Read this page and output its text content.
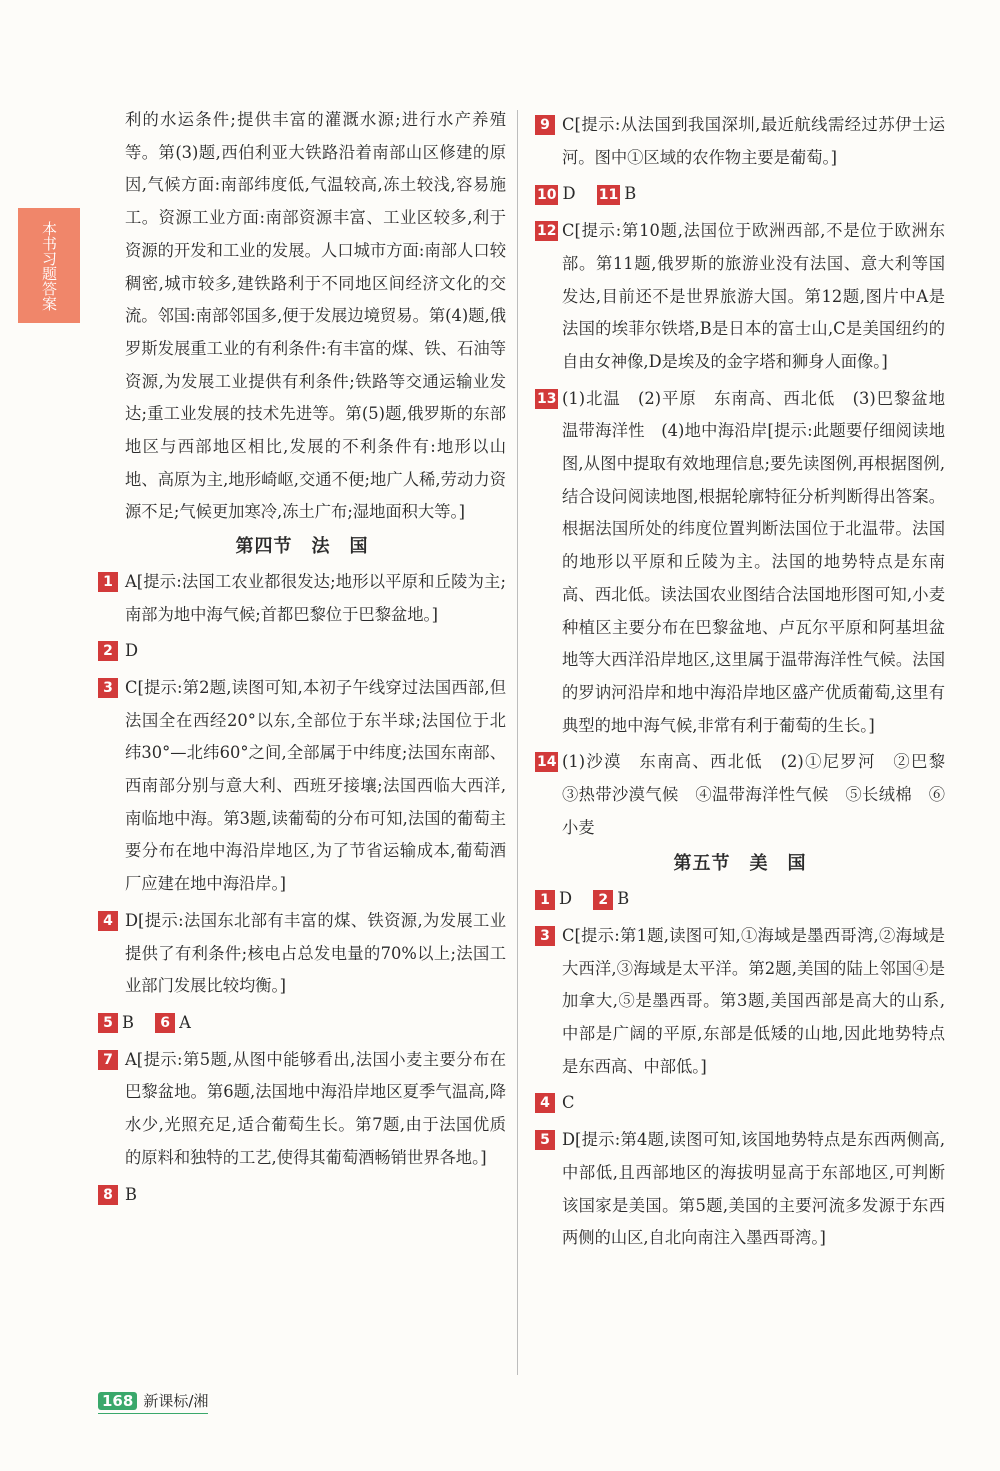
本书习题答案

利的水运条件;提供丰富的灌溉水源;进行水产养殖等。第(3)题,西伯利亚大铁路沿着南部山区修建的原因,气候方面:南部纬度低,气温较高,冻土较浅,容易施工。资源工业方面:南部资源丰富、工业区较多,利于资源的开发和工业的发展。人口城市方面:南部人口较稠密,城市较多,建铁路利于不同地区间经济文化的交流。邻国:南部邻国多,便于发展边境贸易。第(4)题,俄罗斯发展重工业的有利条件:有丰富的煤、铁、石油等资源,为发展工业提供有利条件;铁路等交通运输业发达;重工业发展的技术先进等。第(5)题,俄罗斯的东部地区与西部地区相比,发展的不利条件有:地形以山地、高原为主,地形崎岖,交通不便;地广人稀,劳动力资源不足;气候更加寒冷,冻土广布;湿地面积大等。]

第四节　法　国
1 A[提示:法国工农业都很发达;地形以平原和丘陵为主;南部为地中海气候;首都巴黎位于巴黎盆地。]
2 D
3 C[提示:第2题,读图可知,本初子午线穿过法国西部,但法国全在西经20°以东,全部位于东半球;法国位于北纬30°—北纬60°之间,全部属于中纬度;法国东南部、西南部分别与意大利、西班牙接壤;法国西临大西洋,南临地中海。第3题,读葡萄的分布可知,法国的葡萄主要分布在地中海沿岸地区,为了节省运输成本,葡萄酒厂应建在地中海沿岸。]
4 D[提示:法国东北部有丰富的煤、铁资源,为发展工业提供了有利条件;核电占总发电量的70%以上;法国工业部门发展比较均衡。]
5 B 6 A
7 A[提示:第5题,从图中能够看出,法国小麦主要分布在巴黎盆地。第6题,法国地中海沿岸地区夏季气温高,降水少,光照充足,适合葡萄生长。第7题,由于法国优质的原料和独特的工艺,使得其葡萄酒畅销世界各地。]
8 B
9 C[提示:从法国到我国深圳,最近航线需经过苏伊士运河。图中①区域的农作物主要是葡萄。]
10 D 11 B
12 C[提示:第10题,法国位于欧洲西部,不是位于欧洲东部。第11题,俄罗斯的旅游业没有法国、意大利等国发达,目前还不是世界旅游大国。第12题,图片中A是法国的埃菲尔铁塔,B是日本的富士山,C是美国纽约的自由女神像,D是埃及的金字塔和狮身人面像。]
13 (1)北温　(2)平原　东南高、西北低　(3)巴黎盆地　温带海洋性　(4)地中海沿岸[提示:此题要仔细阅读地图,从图中提取有效地理信息;要先读图例,再根据图例,结合设问阅读地图,根据轮廓特征分析判断得出答案。根据法国所处的纬度位置判断法国位于北温带。法国的地形以平原和丘陵为主。法国的地势特点是东南高、西北低。读法国农业图结合法国地形图可知,小麦种植区主要分布在巴黎盆地、卢瓦尔平原和阿基坦盆地等大西洋沿岸地区,这里属于温带海洋性气候。法国的罗讷河沿岸和地中海沿岸地区盛产优质葡萄,这里有典型的地中海气候,非常有利于葡萄的生长。]
14 (1)沙漠　东南高、西北低　(2)①尼罗河　②巴黎　③热带沙漠气候　④温带海洋性气候　⑤长绒棉　⑥小麦
第五节　美　国
1 D 2 B
3 C[提示:第1题,读图可知,①海域是墨西哥湾,②海域是大西洋,③海域是太平洋。第2题,美国的陆上邻国④是加拿大,⑤是墨西哥。第3题,美国西部是高大的山系,中部是广阔的平原,东部是低矮的山地,因此地势特点是东西高、中部低。]
4 C
5 D[提示:第4题,读图可知,该国地势特点是东西两侧高,中部低,且西部地区的海拔明显高于东部地区,可判断该国家是美国。第5题,美国的主要河流多发源于东西两侧的山区,自北向南注入墨西哥湾。]
168 新课标/湘
